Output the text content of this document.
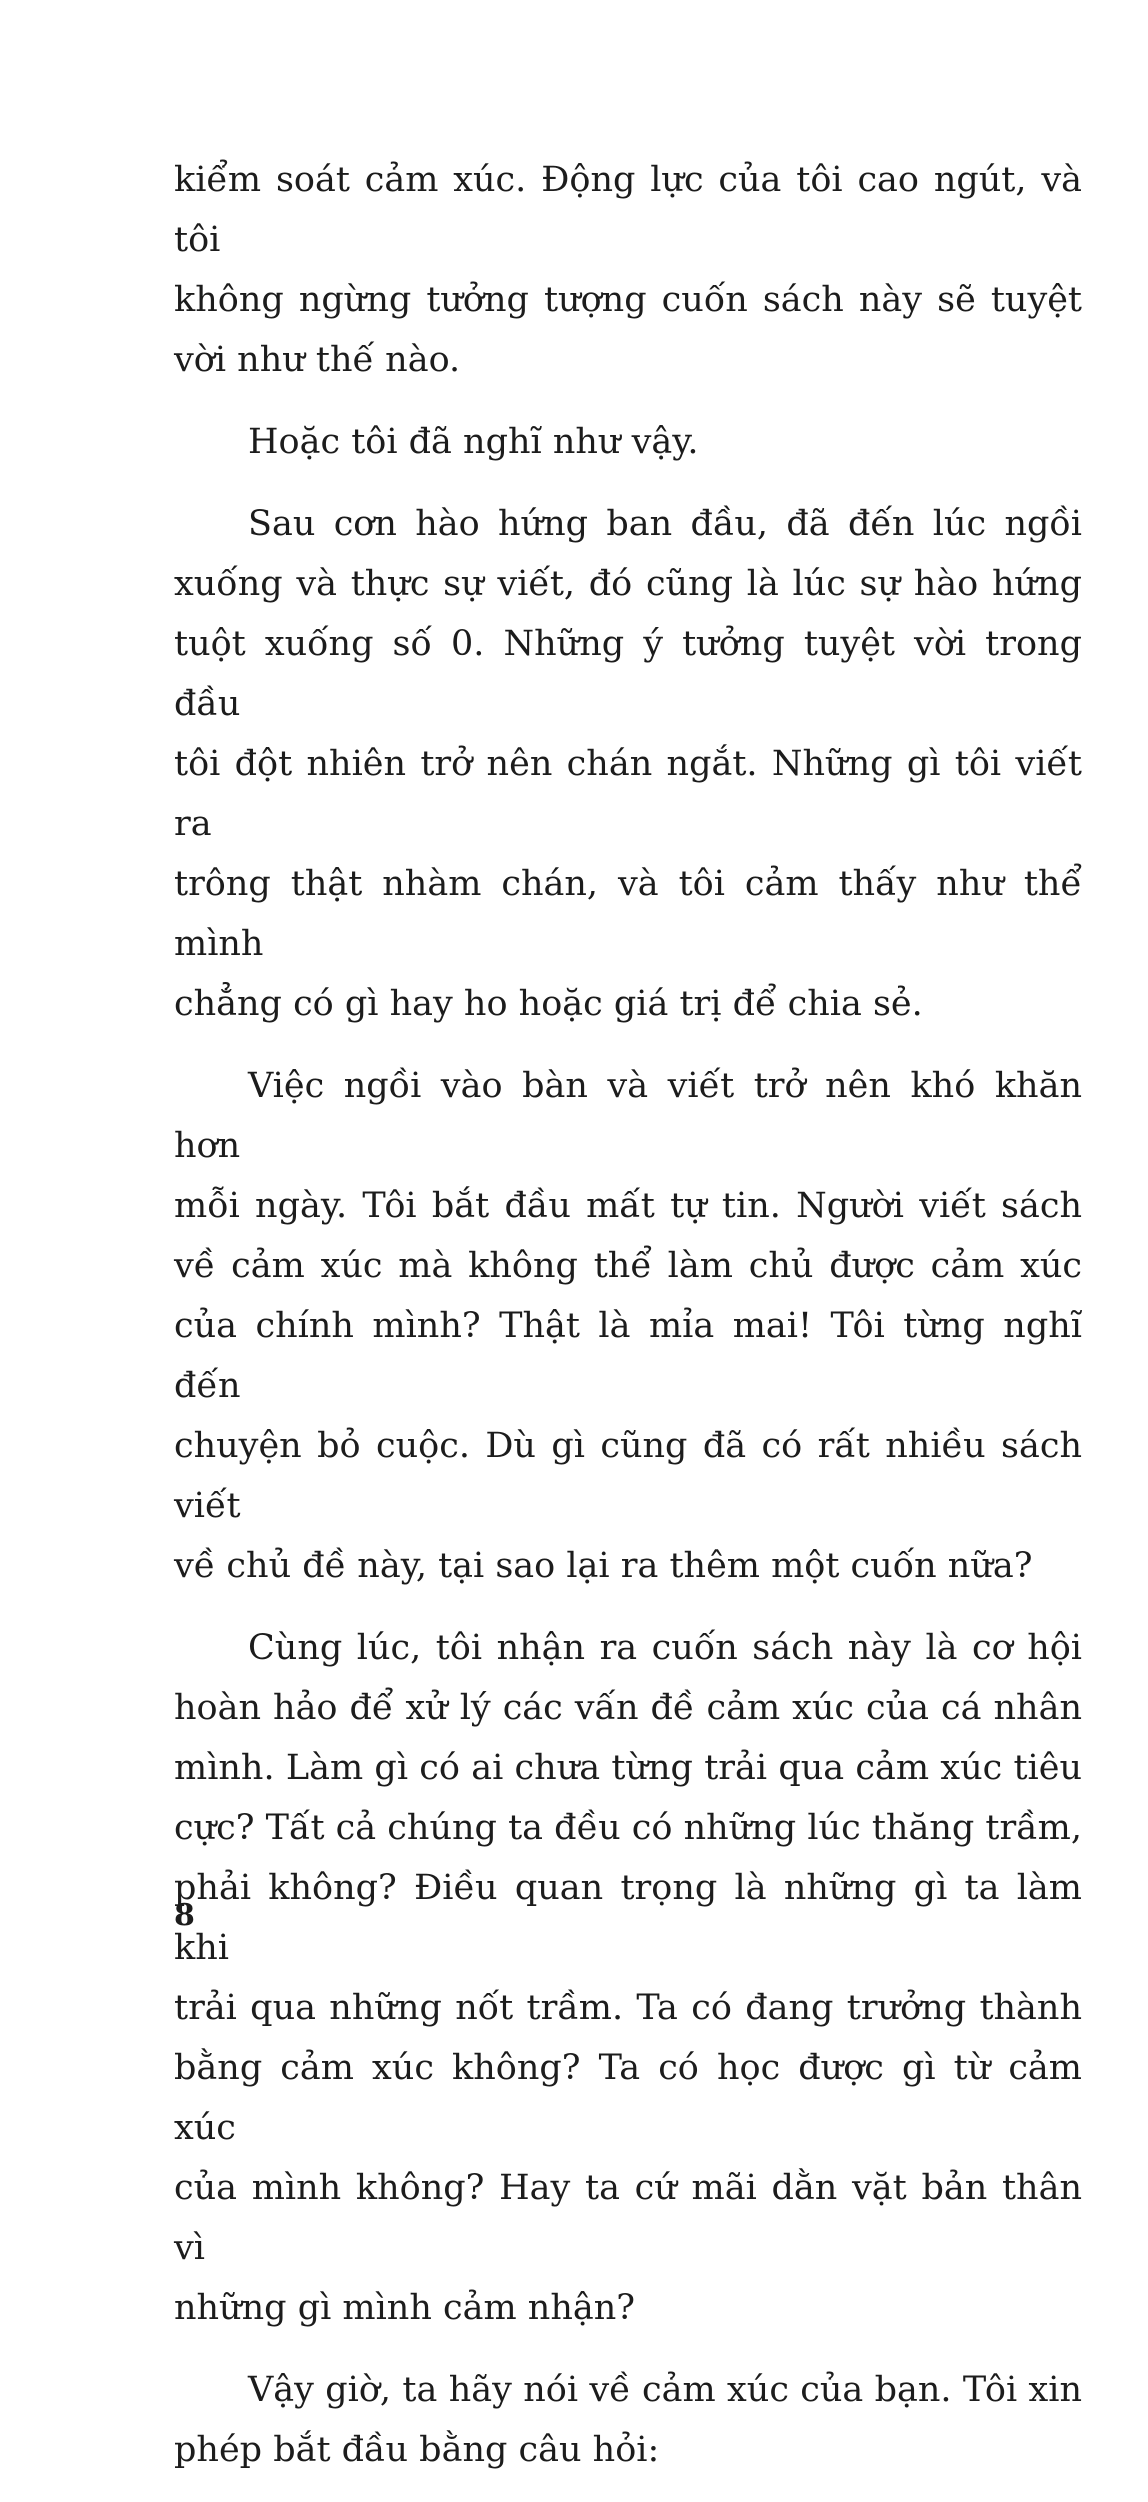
kiểm soát cảm xúc. Động lực của tôi cao ngút, và tôi
không ngừng tưởng tượng cuốn sách này sẽ tuyệt
vời như thế nào.

Hoặc tôi đã nghĩ như vậy.

Sau cơn hào hứng ban đầu, đã đến lúc ngồi
xuống và thực sự viết, đó cũng là lúc sự hào hứng
tuột xuống số 0. Những ý tưởng tuyệt vời trong đầu
tôi đột nhiên trở nên chán ngắt. Những gì tôi viết ra
trông thật nhàm chán, và tôi cảm thấy như thể mình
chẳng có gì hay ho hoặc giá trị để chia sẻ.

Việc ngồi vào bàn và viết trở nên khó khăn hơn
mỗi ngày. Tôi bắt đầu mất tự tin. Người viết sách
về cảm xúc mà không thể làm chủ được cảm xúc
của chính mình? Thật là mỉa mai! Tôi từng nghĩ đến
chuyện bỏ cuộc. Dù gì cũng đã có rất nhiều sách viết
về chủ đề này, tại sao lại ra thêm một cuốn nữa?

Cùng lúc, tôi nhận ra cuốn sách này là cơ hội
hoàn hảo để xử lý các vấn đề cảm xúc của cá nhân
mình. Làm gì có ai chưa từng trải qua cảm xúc tiêu
cực? Tất cả chúng ta đều có những lúc thăng trầm,
phải không? Điều quan trọng là những gì ta làm khi
trải qua những nốt trầm. Ta có đang trưởng thành
bằng cảm xúc không? Ta có học được gì từ cảm xúc
của mình không? Hay ta cứ mãi dằn vặt bản thân vì
những gì mình cảm nhận?

Vậy giờ, ta hãy nói về cảm xúc của bạn. Tôi xin
phép bắt đầu bằng câu hỏi:

8
